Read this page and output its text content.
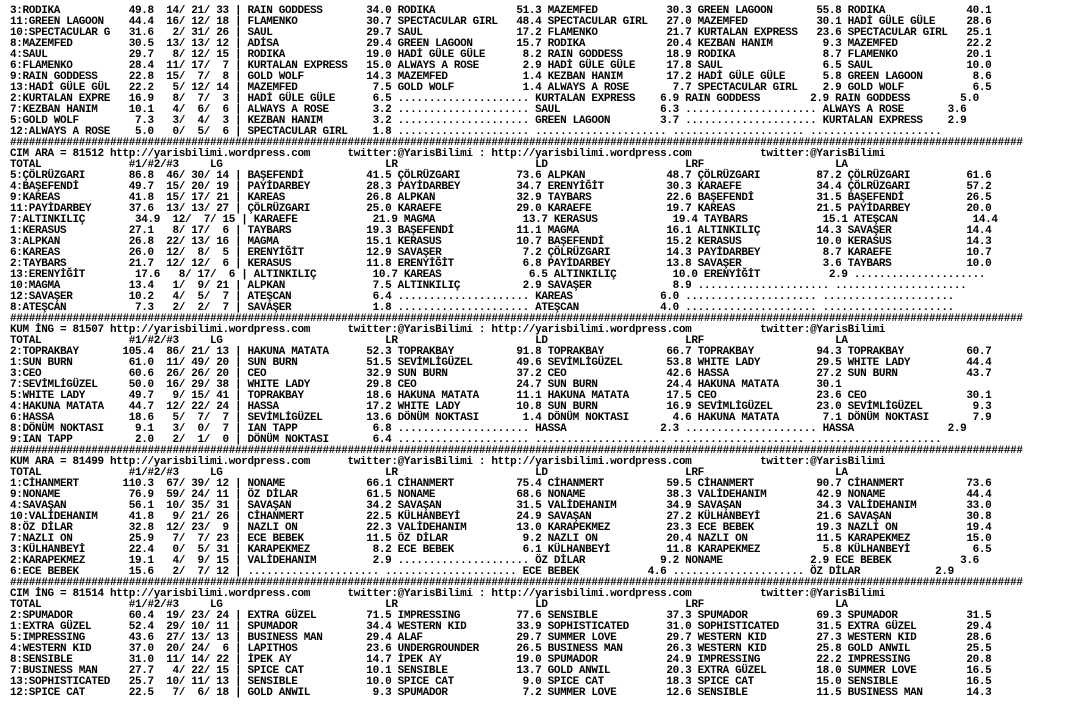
3:RODIKA           49.8  14/ 21/ 33 | RAIN GODDESS       34.0 RODIKA             51.3 MAZEMFED           30.3 GREEN LAGOON       55.8 RODIKA             40.1
11:GREEN LAGOON    44.4  16/ 12/ 18 | FLAMENKO           30.7 SPECTACULAR GIRL   48.4 SPECTACULAR GIRL   27.0 MAZEMFED           30.1 HADİ GÜLE GÜLE     28.6
10:SPECTACULAR G   31.6   2/ 31/ 26 | SAUL               29.7 SAUL               17.2 FLAMENKO           21.7 KURTALAN EXPRESS   23.6 SPECTACULAR GIRL   25.1
8:MAZEMFED         30.5  13/ 13/ 12 | ADİSA              29.4 GREEN LAGOON       15.7 RODIKA             20.4 KEZBAN HANIM        9.3 MAZEMFED           22.2
4:SAUL             29.7   8/ 12/ 15 | RODIKA             19.0 HADİ GÜLE GÜLE      8.2 RAIN GODDESS       18.9 RODIKA              8.7 FLAMENKO           20.1
6:FLAMENKO         28.4  11/ 17/  7 | KURTALAN EXPRESS   15.0 ALWAYS A ROSE       2.9 HADİ GÜLE GÜLE     17.8 SAUL                6.5 SAUL               10.0
9:RAIN GODDESS     22.8  15/  7/  8 | GOLD WOLF          14.3 MAZEMFED            1.4 KEZBAN HANIM       17.2 HADİ GÜLE GÜLE      5.8 GREEN LAGOON        8.6
13:HADİ GÜLE GÜL   22.2   5/ 12/ 14 | MAZEMFED            7.5 GOLD WOLF           1.4 ALWAYS A ROSE       7.7 SPECTACULAR GIRL    2.9 GOLD WOLF           6.5
2:KURTALAN EXPRE   16.9   8/  7/  3 | HADİ GÜLE GÜLE      6.5 ..................... KURTALAN EXPRESS    6.9 RAIN GODDESS        2.9 RAIN GODDESS        5.0
7:KEZBAN HANIM     10.1   4/  6/  6 | ALWAYS A ROSE       3.2 ..................... SAUL                6.3 ..................... ALWAYS A ROSE       3.6
5:GOLD WOLF         7.3   3/  4/  3 | KEZBAN HANIM        3.2 ..................... GREEN LAGOON        3.7 ..................... KURTALAN EXPRESS    2.9
12:ALWAYS A ROSE    5.0   0/  5/  6 | SPECTACULAR GIRL    1.8 ..................... ..................... ..................... .....................
##################################################################################################################################################################
CIM ARA = 81512 http://yarisbilimi.wordpress.com      twitter:@YarisBilimi : http://yarisbilimi.wordpress.com           twitter:@YarisBilimi
TOTAL              #1/#2/#3     LG                          LR                      LD                      LRF                     LA
5:ÇÖLRÜZGARI       86.8  46/ 30/ 14 | BAŞEFENDİ          41.5 ÇÖLRÜZGARI         73.6 ALPKAN             48.7 ÇÖLRÜZGARI         87.2 ÇÖLRÜZGARI         61.6
4:BAŞEFENDİ        49.7  15/ 20/ 19 | PAYİDARBEY         28.3 PAYİDARBEY         34.7 ERENYİĞİT          30.3 KARAEFE            34.4 ÇÖLRÜZGARI         57.2
9:KAREAS           41.8  15/ 17/ 21 | KAREAS             26.8 ALPKAN             32.9 TAYBARS            22.6 BAŞEFENDİ          31.5 BAŞEFENDİ          26.5
11:PAYİDARBEY      37.6  13/ 13/ 27 | ÇÖLRÜZGARI         25.0 KARAEFE            29.0 KARAEFE            19.7 KAREAS             21.5 PAYİDARBEY         20.0
7:ALTINKILIÇ        34.9  12/  7/ 15 | KARAEFE            21.9 MAGMA              13.7 KERASUS            19.4 TAYBARS            15.1 ATEŞCAN            14.4
1:KERASUS          27.1   8/ 17/  6 | TAYBARS            19.3 BAŞEFENDİ          11.1 MAGMA              16.1 ALTINKILIÇ         14.3 SAVAŞER            14.4
3:ALPKAN           26.8  22/ 13/ 16 | MAGMA              15.1 KERASUS            10.7 BAŞEFENDİ          15.2 KERASUS            10.0 KERASUS            14.3
6:KAREAS           26.0  12/  8/  5 | ERENYİĞİT          12.9 SAVAŞER             7.2 ÇÖLRÜZGARI         14.3 PAYİDARBEY          8.7 KARAEFE            10.7
2:TAYBARS          21.7  12/ 12/  6 | KERASUS            11.8 ERENYİĞİT           6.8 PAYİDARBEY         13.8 SAVAŞER             3.6 TAYBARS            10.0
13:ERENYİĞİT        17.6   8/ 17/  6 | ALTINKILIÇ         10.7 KAREAS              6.5 ALTINKILIÇ         10.0 ERENYİĞİT           2.9 .....................
10:MAGMA           13.4   1/  9/ 21 | ALPKAN              7.5 ALTINKILIÇ          2.9 SAVAŞER             8.9 ..................... .....................
12:SAVAŞER         10.2   4/  5/  7 | ATEŞCAN             6.4 ..................... KAREAS              6.0 ..................... .....................
8:ATEŞCAN           7.3   2/  2/  7 | SAVAŞER             1.8 ..................... ATEŞCAN             4.0 ..................... .....................
##################################################################################################################################################################
KUM İNG = 81507 http://yarisbilimi.wordpress.com      twitter:@YarisBilimi : http://yarisbilimi.wordpress.com           twitter:@YarisBilimi
TOTAL              #1/#2/#3     LG                          LR                      LD                      LRF                     LA
2:TOPRAKBAY       105.4  86/ 21/ 13 | HAKUNA MATATA      52.3 TOPRAKBAY          91.8 TOPRAKBAY          66.7 TOPRAKBAY          94.3 TOPRAKBAY          60.7
1:SUN BURN         61.0  11/ 49/ 20 | SUN BURN           51.5 SEVİMLİGÜZEL       49.6 SEVİMLİGÜZEL       53.8 WHITE LADY         29.5 WHITE LADY         44.4
3:CEO              60.6  26/ 26/ 20 | CEO                32.9 SUN BURN           37.2 CEO                42.6 HASSA              27.2 SUN BURN           43.7
7:SEVİMLİGÜZEL     50.0  16/ 29/ 38 | WHITE LADY         29.8 CEO                24.7 SUN BURN           24.4 HAKUNA MATATA      30.1
5:WHITE LADY       49.7   9/ 15/ 41 | TOPRAKBAY          18.6 HAKUNA MATATA      11.1 HAKUNA MATATA      17.5 CEO                23.6 CEO                30.1
4:HAKUNA MATATA    44.7  12/ 22/ 24 | HASSA              17.2 WHITE LADY         10.8 SUN BURN           16.9 SEVİMLİGÜZEL       23.0 SEVİMLİGÜZEL        9.3
6:HASSA            18.6   5/  7/  7 | SEVİMLİGÜZEL       13.6 DÖNÜM NOKTASI       1.4 DÖNÜM NOKTASI       4.6 HAKUNA MATATA       7.1 DÖNÜM NOKTASI       7.9
8:DÖNÜM NOKTASI     9.1   3/  0/  7 | IAN TAPP            6.8 ..................... HASSA               2.3 ..................... HASSA               2.9
9:IAN TAPP          2.0   2/  1/  0 | DÖNÜM NOKTASI       6.4 ..................... ..................... ..................... .....................
##################################################################################################################################################################
KUM ARA = 81499 http://yarisbilimi.wordpress.com      twitter:@YarisBilimi : http://yarisbilimi.wordpress.com           twitter:@YarisBilimi
TOTAL              #1/#2/#3     LG                          LR                      LD                      LRF                     LA
1:CİHANMERT       110.3  67/ 39/ 12 | NONAME             66.1 CİHANMERT          75.4 CİHANMERT          59.5 CİHANMERT          90.7 CİHANMERT          73.6
9:NONAME           76.9  59/ 24/ 11 | ÖZ DİLAR           61.5 NONAME             68.6 NONAME             38.3 VALİDEHANIM        42.9 NONAME             44.4
4:SAVAŞAN          56.1  10/ 35/ 31 | SAVAŞAN            34.2 SAVAŞAN            31.5 VALİDEHANIM        34.9 SAVAŞAN            34.3 VALİDEHANIM        33.0
10:VALİDEHANIM     41.8   9/ 21/ 26 | CİHANMERT          22.5 KÜLHANBEYİ         24.9 SAVAŞAN            27.2 KÜLHANBEYİ         21.6 SAVAŞAN            30.8
8:ÖZ DİLAR         32.8  12/ 23/  9 | NAZLI ON           22.3 VALİDEHANIM        13.0 KARAPEKMEZ         23.3 ECE BEBEK          19.3 NAZLI ON           19.4
7:NAZLI ON         25.9   7/  7/ 23 | ECE BEBEK          11.5 ÖZ DİLAR            9.2 NAZLI ON           20.4 NAZLI ON           11.5 KARAPEKMEZ         15.0
3:KÜLHANBEYİ       22.4   0/  5/ 31 | KARAPEKMEZ          8.2 ECE BEBEK           6.1 KÜLHANBEYİ         11.8 KARAPEKMEZ          5.8 KÜLHANBEYİ          6.5
2:KARAPEKMEZ       19.1   4/  9/ 15 | VALİDEHANIM         2.9 ..................... ÖZ DİLAR            9.2 NONAME              2.9 ECE BEBEK           3.6
6:ECE BEBEK        15.6   2/  7/ 12 | ..................... ..................... ECE BEBEK           4.6 ..................... ÖZ DİLAR            2.9
##################################################################################################################################################################
CIM İNG = 81514 http://yarisbilimi.wordpress.com      twitter:@YarisBilimi : http://yarisbilimi.wordpress.com           twitter:@YarisBilimi
TOTAL              #1/#2/#3     LG                          LR                      LD                      LRF                     LA
2:SPUMADOR         60.4  19/ 23/ 24 | EXTRA GÜZEL        71.5 IMPRESSING         77.6 SENSIBLE           37.3 SPUMADOR           69.3 SPUMADOR           31.5
1:EXTRA GÜZEL      52.4  29/ 10/ 11 | SPUMADOR           34.4 WESTERN KID        33.9 SOPHISTICATED      31.0 SOPHISTICATED      31.5 EXTRA GÜZEL        29.4
5:IMPRESSING       43.6  27/ 13/ 13 | BUSINESS MAN       29.4 ALAF               29.7 SUMMER LOVE        29.7 WESTERN KID        27.3 WESTERN KID        28.6
4:WESTERN KID      37.0  20/ 24/  6 | LAPITHOS           23.6 UNDERGROUNDER      26.5 BUSINESS MAN       26.3 WESTERN KID        25.8 GOLD ANWIL         25.5
8:SENSIBLE         31.0  11/ 14/ 22 | İPEK AY            14.7 İPEK AY            19.0 SPUMADOR           24.9 IMPRESSING         22.2 IMPRESSING         20.8
7:BUSINESS MAN     27.7   4/ 22/ 15 | SPICE CAT          10.1 SENSIBLE           13.7 GOLD ANWIL         20.3 EXTRA GÜZEL        18.0 SUMMER LOVE        16.5
13:SOPHISTICATED   25.7  10/ 11/ 13 | SENSIBLE           10.0 SPICE CAT           9.0 SPICE CAT          18.3 SPICE CAT          15.0 SENSIBLE           16.5
12:SPICE CAT       22.5   7/  6/ 18 | GOLD ANWIL          9.3 SPUMADOR            7.2 SUMMER LOVE        12.6 SENSIBLE           11.5 BUSINESS MAN       14.3
